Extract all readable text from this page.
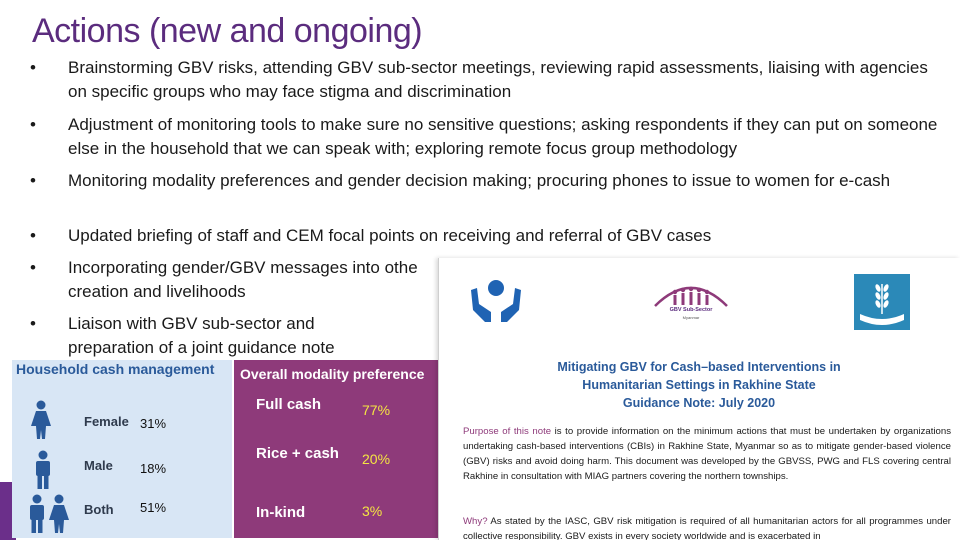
Actions (new and ongoing)
•	Brainstorming GBV risks, attending GBV sub-sector meetings, reviewing rapid assessments, liaising with agencies on specific groups who may face stigma and discrimination
•	Adjustment of monitoring tools to make sure no sensitive questions; asking respondents if they can put on someone else in the household that we can speak with; exploring remote focus group methodology
•	Monitoring modality preferences and gender decision making; procuring phones to issue to women for e-cash
•	Updated briefing of staff and CEM focal points on receiving and referral of GBV cases
•	Incorporating gender/GBV messages into othe
creation and livelihoods
•	Liaison with GBV sub-sector and
preparation of a joint guidance note
Household cash management
Female 31%
Male 18%
Both 51%
Overall modality preference
Full cash	77%
Rice + cash 20%
In-kind	3%
GBV Sub-Sector
Myanmar
Mitigating GBV for Cash–based Interventions in
Humanitarian Settings in Rakhine State
Guidance Note: July 2020
Purpose of this note is to provide information on the minimum actions that must be undertaken by organizations undertaking cash-based interventions (CBIs) in Rakhine State, Myanmar so as to mitigate gender-based violence (GBV) risks and avoid doing harm. This document was developed by the GBVSS, PWG and FLS covering central Rakhine in consultation with MIAG partners covering the northern townships.
Why? As stated by the IASC, GBV risk mitigation is required of all humanitarian actors for all programmes under collective responsibility. GBV exists in every society worldwide and is exacerbated in
